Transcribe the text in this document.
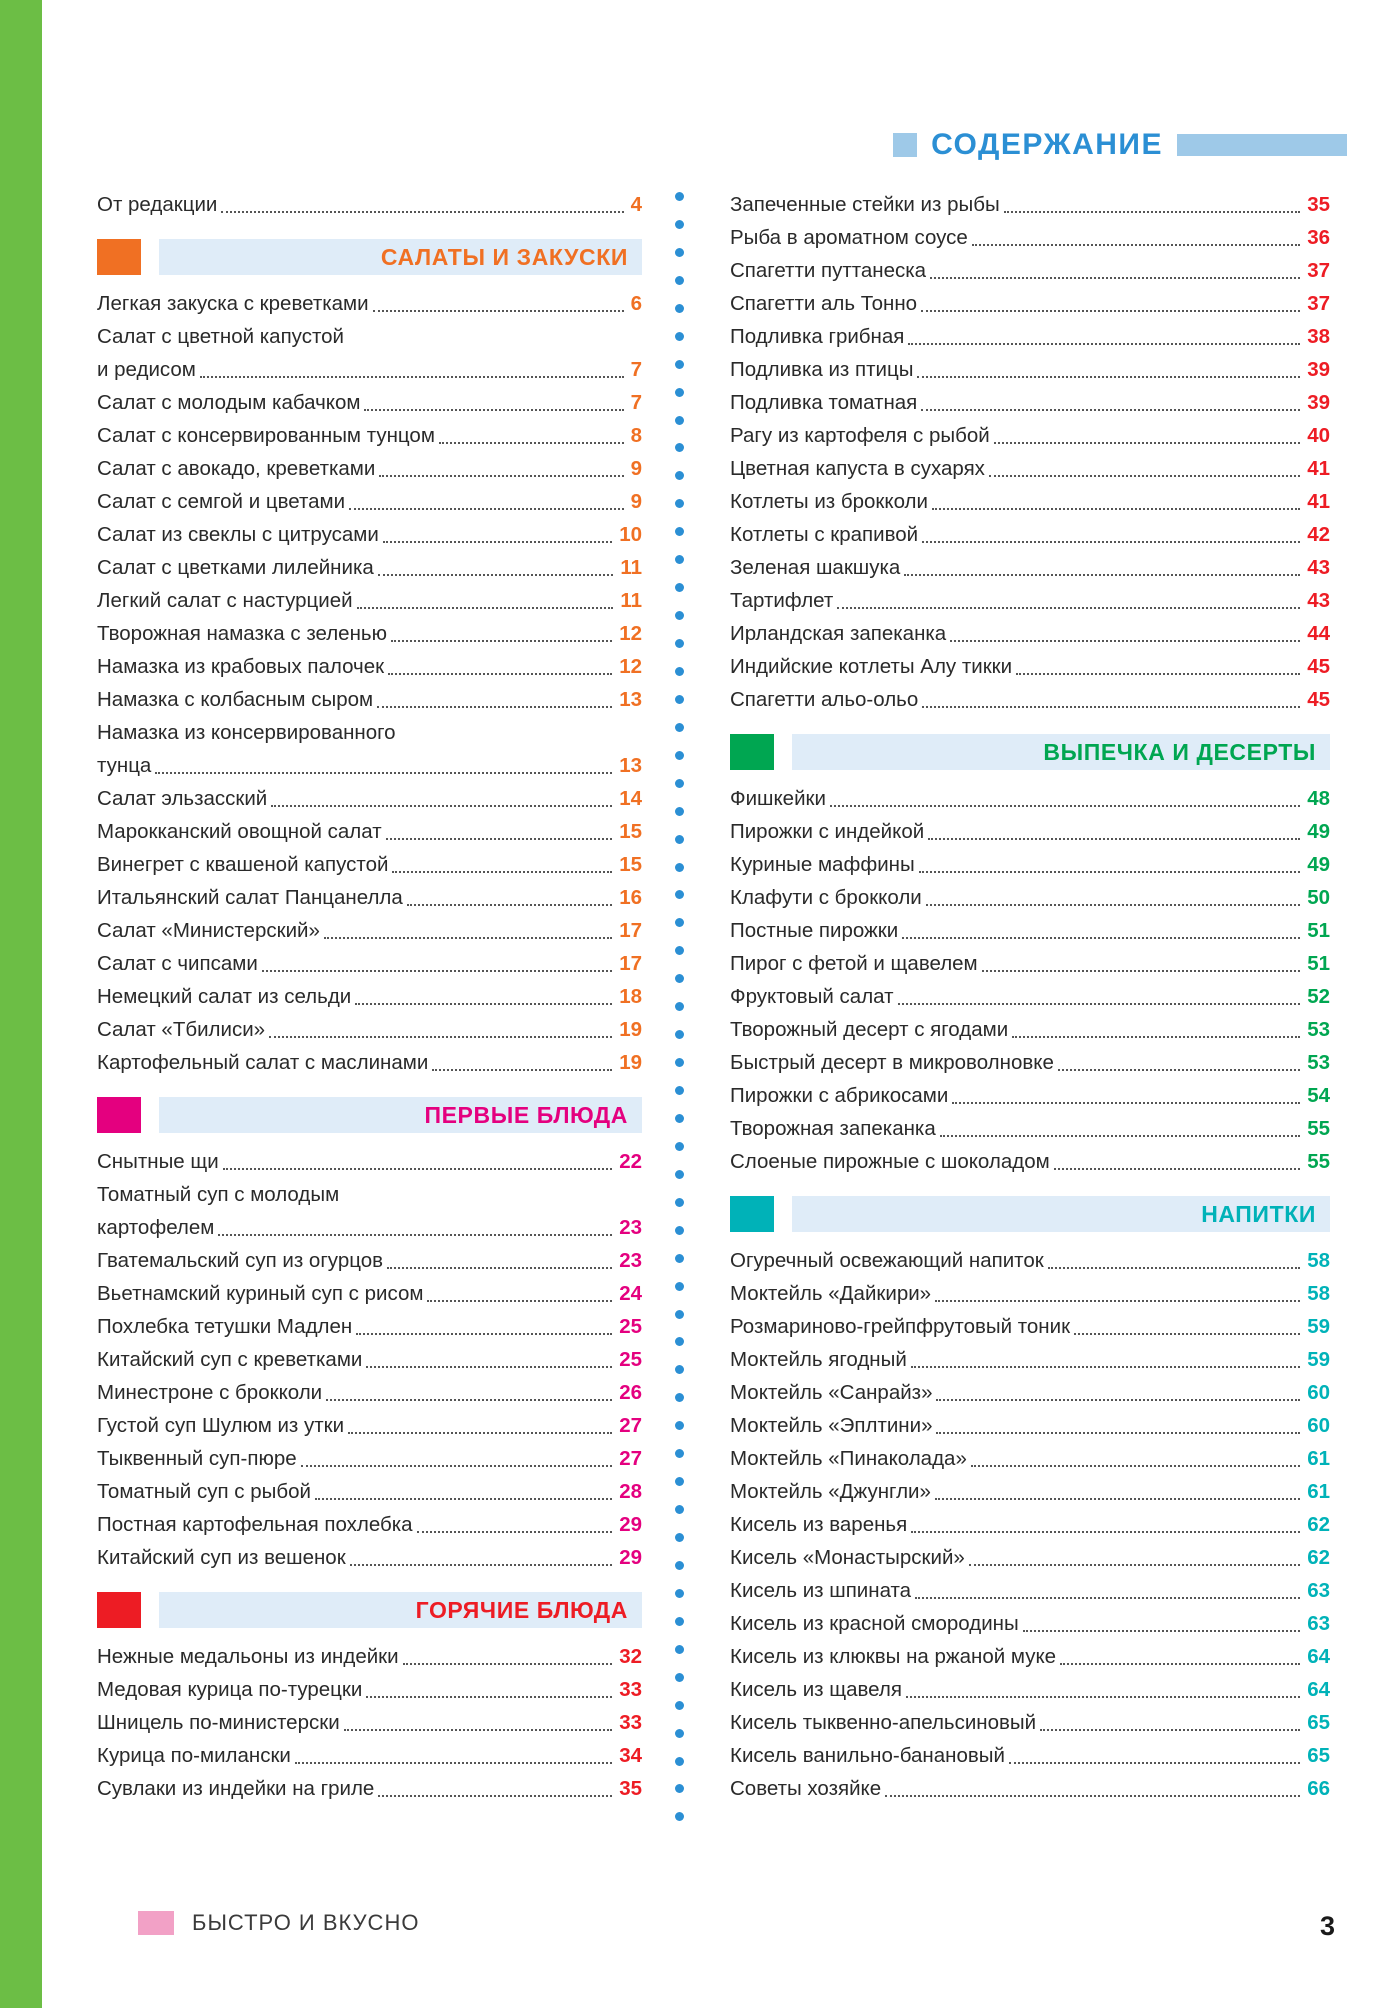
СОДЕРЖАНИЕ
От редакции	4
САЛАТЫ И ЗАКУСКИ
Легкая закуска с креветками	6
Салат с цветной капустой
и редисом	7
Салат с молодым кабачком	7
Салат с консервированным тунцом	8
Салат с авокадо, креветками	9
Салат с семгой и цветами	9
Салат из свеклы с цитрусами	10
Салат с цветками лилейника	11
Легкий салат с настурцией	11
Творожная намазка с зеленью	12
Намазка из крабовых палочек	12
Намазка с колбасным сыром	13
Намазка из консервированного
тунца	13
Салат эльзасский	14
Марокканский овощной салат	15
Винегрет с квашеной капустой	15
Итальянский салат Панцанелла	16
Салат «Министерский»	17
Салат с чипсами	17
Немецкий салат из сельди	18
Салат «Тбилиси»	19
Картофельный салат с маслинами	19
ПЕРВЫЕ БЛЮДА
Снытные щи	22
Томатный суп с молодым
картофелем	23
Гватемальский суп из огурцов	23
Вьетнамский куриный суп с рисом	24
Похлебка тетушки Мадлен	25
Китайский суп с креветками	25
Минестроне с брокколи	26
Густой суп Шулюм из утки	27
Тыквенный суп-пюре	27
Томатный суп с рыбой	28
Постная картофельная похлебка	29
Китайский суп из вешенок	29
ГОРЯЧИЕ БЛЮДА
Нежные медальоны из индейки	32
Медовая курица по-турецки	33
Шницель по-министерски	33
Курица по-милански	34
Сувлаки из индейки на гриле	35
Запеченные стейки из рыбы	35
Рыба в ароматном соусе	36
Спагетти путтанеска	37
Спагетти аль Тонно	37
Подливка грибная	38
Подливка из птицы	39
Подливка томатная	39
Рагу из картофеля с рыбой	40
Цветная капуста в сухарях	41
Котлеты из брокколи	41
Котлеты с крапивой	42
Зеленая шакшука	43
Тартифлет	43
Ирландская запеканка	44
Индийские котлеты Алу тикки	45
Спагетти альо-ольо	45
ВЫПЕЧКА И ДЕСЕРТЫ
Фишкейки	48
Пирожки с индейкой	49
Куриные маффины	49
Клафути с брокколи	50
Постные пирожки	51
Пирог с фетой и щавелем	51
Фруктовый салат	52
Творожный десерт с ягодами	53
Быстрый десерт в микроволновке	53
Пирожки с абрикосами	54
Творожная запеканка	55
Слоеные пирожные с шоколадом	55
НАПИТКИ
Огуречный освежающий напиток	58
Моктейль «Дайкири»	58
Розмариново-грейпфрутовый тоник	59
Моктейль ягодный	59
Моктейль «Санрайз»	60
Моктейль «Эплтини»	60
Моктейль «Пинаколада»	61
Моктейль «Джунгли»	61
Кисель из варенья	62
Кисель «Монастырский»	62
Кисель из шпината	63
Кисель из красной смородины	63
Кисель из клюквы на ржаной муке	64
Кисель из щавеля	64
Кисель тыквенно-апельсиновый	65
Кисель ванильно-банановый	65
Советы хозяйке	66
БЫСТРО И ВКУСНО	3
